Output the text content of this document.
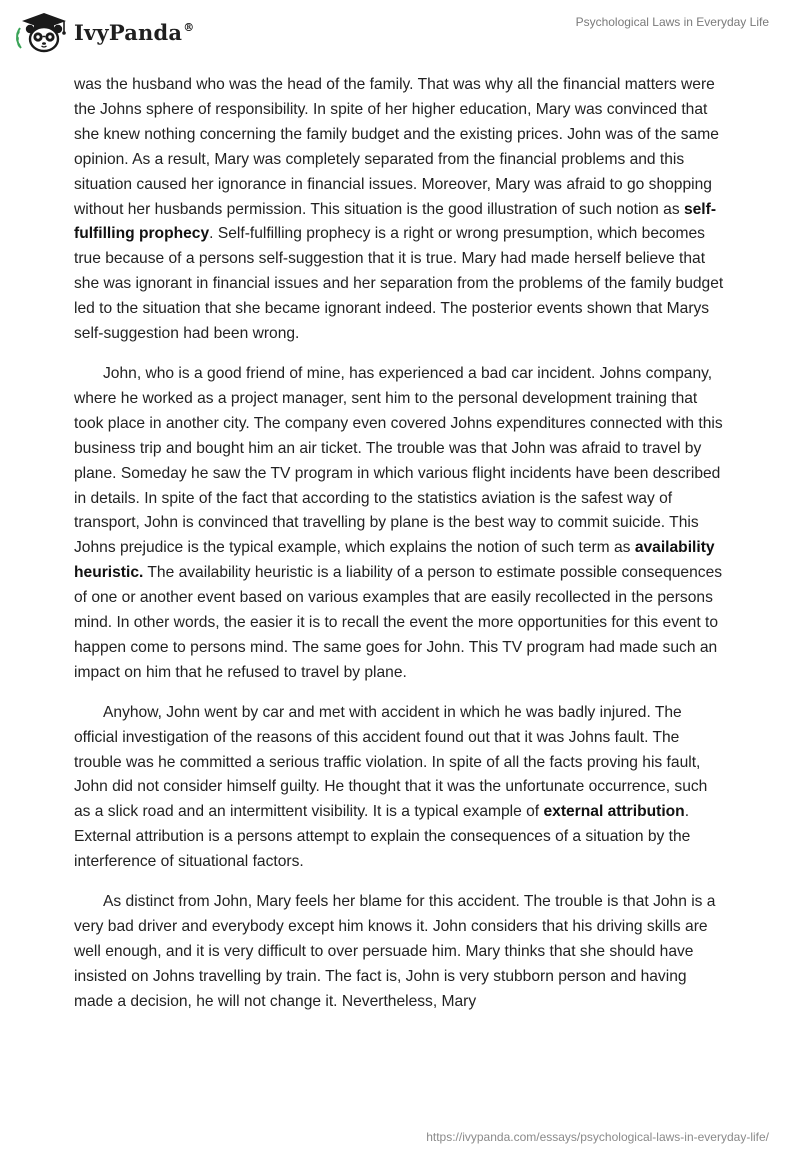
IvyPanda®	Psychological Laws in Everyday Life

was the husband who was the head of the family. That was why all the financial matters were the Johns sphere of responsibility. In spite of her higher education, Mary was convinced that she knew nothing concerning the family budget and the existing prices. John was of the same opinion. As a result, Mary was completely separated from the financial problems and this situation caused her ignorance in financial issues. Moreover, Mary was afraid to go shopping without her husbands permission. This situation is the good illustration of such notion as self-fulfilling prophecy. Self-fulfilling prophecy is a right or wrong presumption, which becomes true because of a persons self-suggestion that it is true. Mary had made herself believe that she was ignorant in financial issues and her separation from the problems of the family budget led to the situation that she became ignorant indeed. The posterior events shown that Marys self-suggestion had been wrong.

John, who is a good friend of mine, has experienced a bad car incident. Johns company, where he worked as a project manager, sent him to the personal development training that took place in another city. The company even covered Johns expenditures connected with this business trip and bought him an air ticket. The trouble was that John was afraid to travel by plane. Someday he saw the TV program in which various flight incidents have been described in details. In spite of the fact that according to the statistics aviation is the safest way of transport, John is convinced that travelling by plane is the best way to commit suicide. This Johns prejudice is the typical example, which explains the notion of such term as availability heuristic. The availability heuristic is a liability of a person to estimate possible consequences of one or another event based on various examples that are easily recollected in the persons mind. In other words, the easier it is to recall the event the more opportunities for this event to happen come to persons mind. The same goes for John. This TV program had made such an impact on him that he refused to travel by plane.

Anyhow, John went by car and met with accident in which he was badly injured. The official investigation of the reasons of this accident found out that it was Johns fault. The trouble was he committed a serious traffic violation. In spite of all the facts proving his fault, John did not consider himself guilty. He thought that it was the unfortunate occurrence, such as a slick road and an intermittent visibility. It is a typical example of external attribution. External attribution is a persons attempt to explain the consequences of a situation by the interference of situational factors.

As distinct from John, Mary feels her blame for this accident. The trouble is that John is a very bad driver and everybody except him knows it. John considers that his driving skills are well enough, and it is very difficult to over persuade him. Mary thinks that she should have insisted on Johns travelling by train. The fact is, John is very stubborn person and having made a decision, he will not change it. Nevertheless, Mary

https://ivypanda.com/essays/psychological-laws-in-everyday-life/
